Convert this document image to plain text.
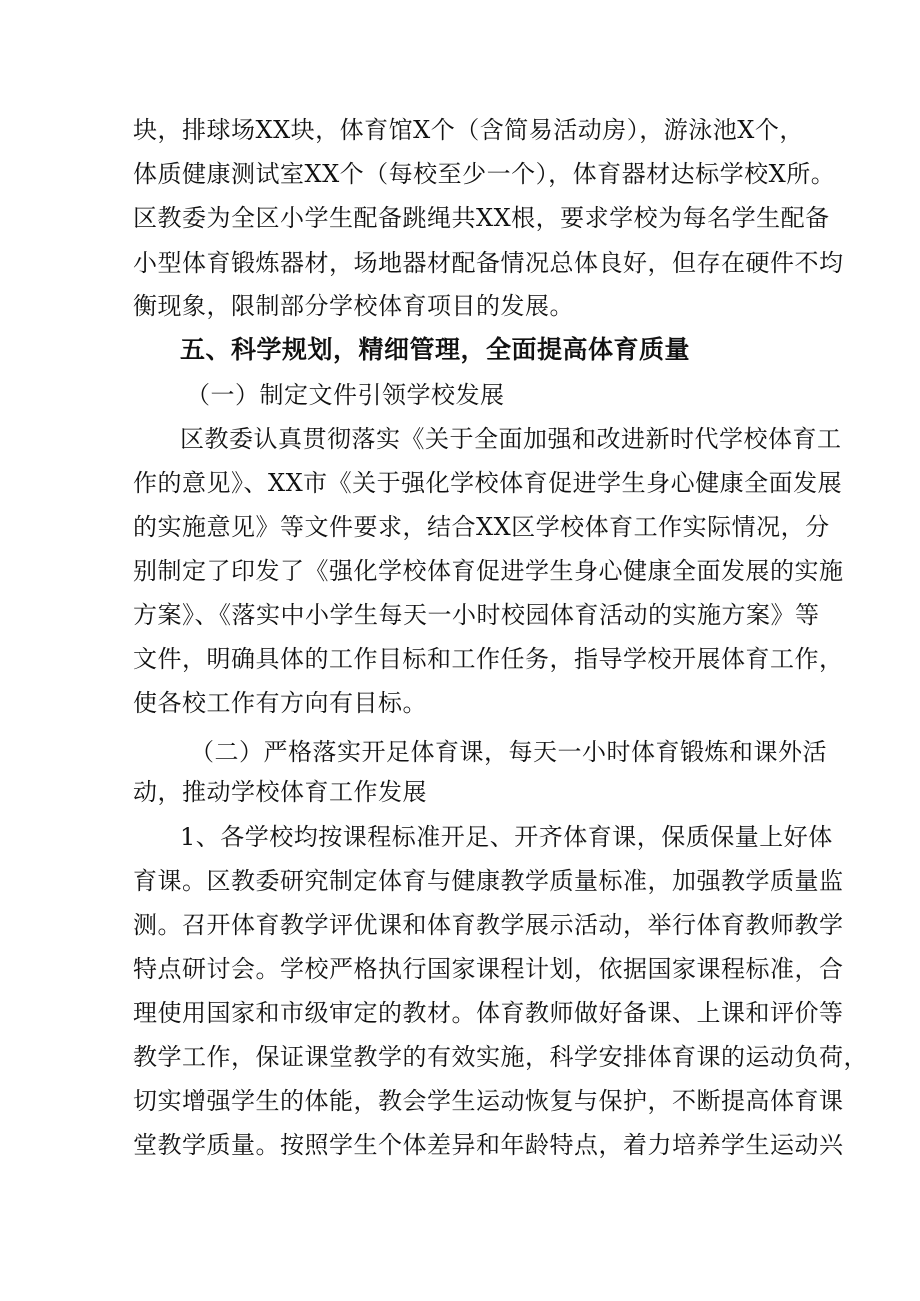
块，排球场XX块，体育馆X个（含简易活动房），游泳池X个，
体质健康测试室XX个（每校至少一个），体育器材达标学校X所。
区教委为全区小学生配备跳绳共XX根，要求学校为每名学生配备
小型体育锻炼器材，场地器材配备情况总体良好，但存在硬件不均
衡现象，限制部分学校体育项目的发展。
五、科学规划，精细管理，全面提高体育质量
（一）制定文件引领学校发展
区教委认真贯彻落实《关于全面加强和改进新时代学校体育工
作的意见》、XX市《关于强化学校体育促进学生身心健康全面发展
的实施意见》等文件要求，结合XX区学校体育工作实际情况，分
别制定了印发了《强化学校体育促进学生身心健康全面发展的实施
方案》、《落实中小学生每天一小时校园体育活动的实施方案》等
文件，明确具体的工作目标和工作任务，指导学校开展体育工作，
使各校工作有方向有目标。
（二）严格落实开足体育课，每天一小时体育锻炼和课外活
动，推动学校体育工作发展
1、各学校均按课程标准开足、开齐体育课，保质保量上好体
育课。区教委研究制定体育与健康教学质量标准，加强教学质量监
测。召开体育教学评优课和体育教学展示活动，举行体育教师教学
特点研讨会。学校严格执行国家课程计划，依据国家课程标准，合
理使用国家和市级审定的教材。体育教师做好备课、上课和评价等
教学工作，保证课堂教学的有效实施，科学安排体育课的运动负荷，
切实增强学生的体能，教会学生运动恢复与保护，不断提高体育课
堂教学质量。按照学生个体差异和年龄特点，着力培养学生运动兴
